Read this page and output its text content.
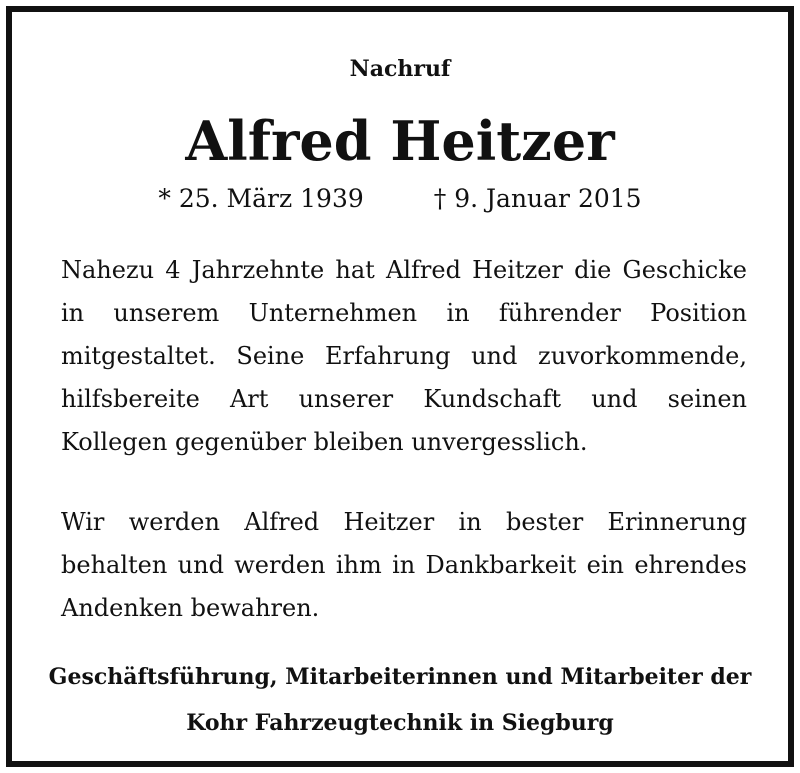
Nachruf
Alfred Heitzer
* 25. März 1939	† 9. Januar 2015
Nahezu 4 Jahrzehnte hat Alfred Heitzer die Geschicke in unserem Unternehmen in führender Position mitgestaltet. Seine Erfahrung und zuvorkommende, hilfsbereite Art unserer Kundschaft und seinen Kollegen gegenüber bleiben unvergesslich.
Wir werden Alfred Heitzer in bester Erinnerung behalten und werden ihm in Dankbarkeit ein ehrendes Andenken bewahren.
Geschäftsführung, Mitarbeiterinnen und Mitarbeiter der
Kohr Fahrzeugtechnik in Siegburg
